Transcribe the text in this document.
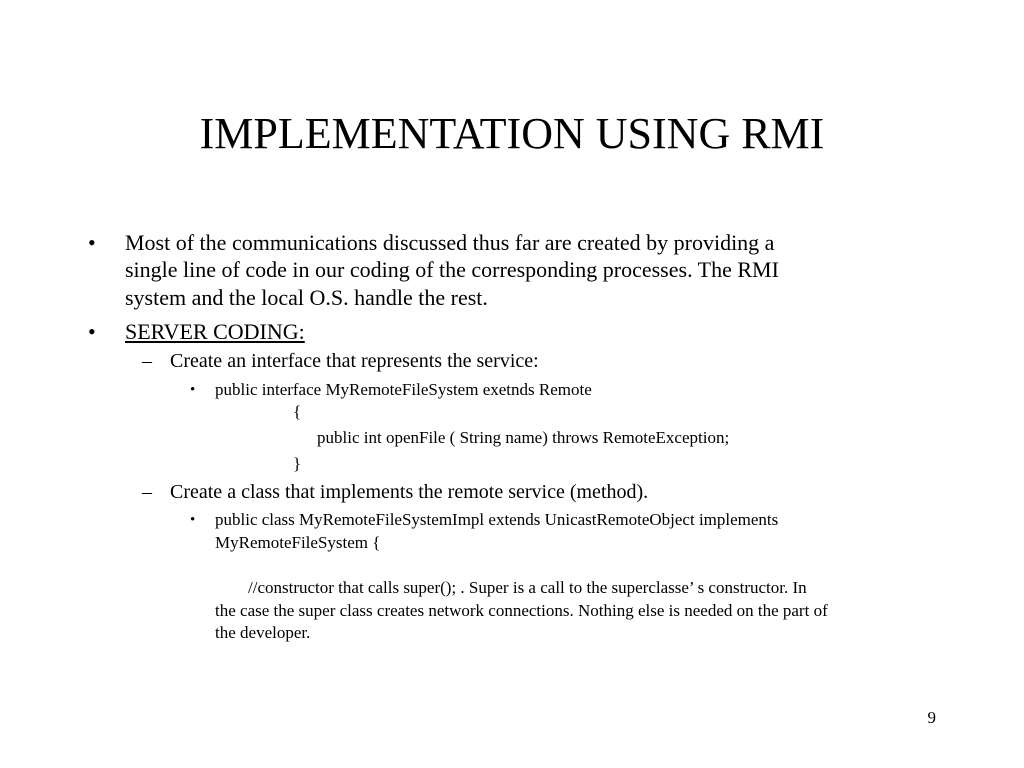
IMPLEMENTATION USING RMI
• Most of the communications discussed thus far are created by providing a
single line of code in our coding of the corresponding processes. The RMI
system and the local O.S. handle the rest.
• SERVER CODING:
– Create an interface that represents the service:
• public interface MyRemoteFileSystem exetnds Remote
{
public int openFile ( String name) throws RemoteException;
}
– Create a class that implements the remote service (method).
• public class MyRemoteFileSystemImpl extends UnicastRemoteObject implements
MyRemoteFileSystem {
//constructor that calls super(); . Super is a call to the superclasse’ s constructor. In
the case the super class creates network connections. Nothing else is needed on the part of
the developer.
9
